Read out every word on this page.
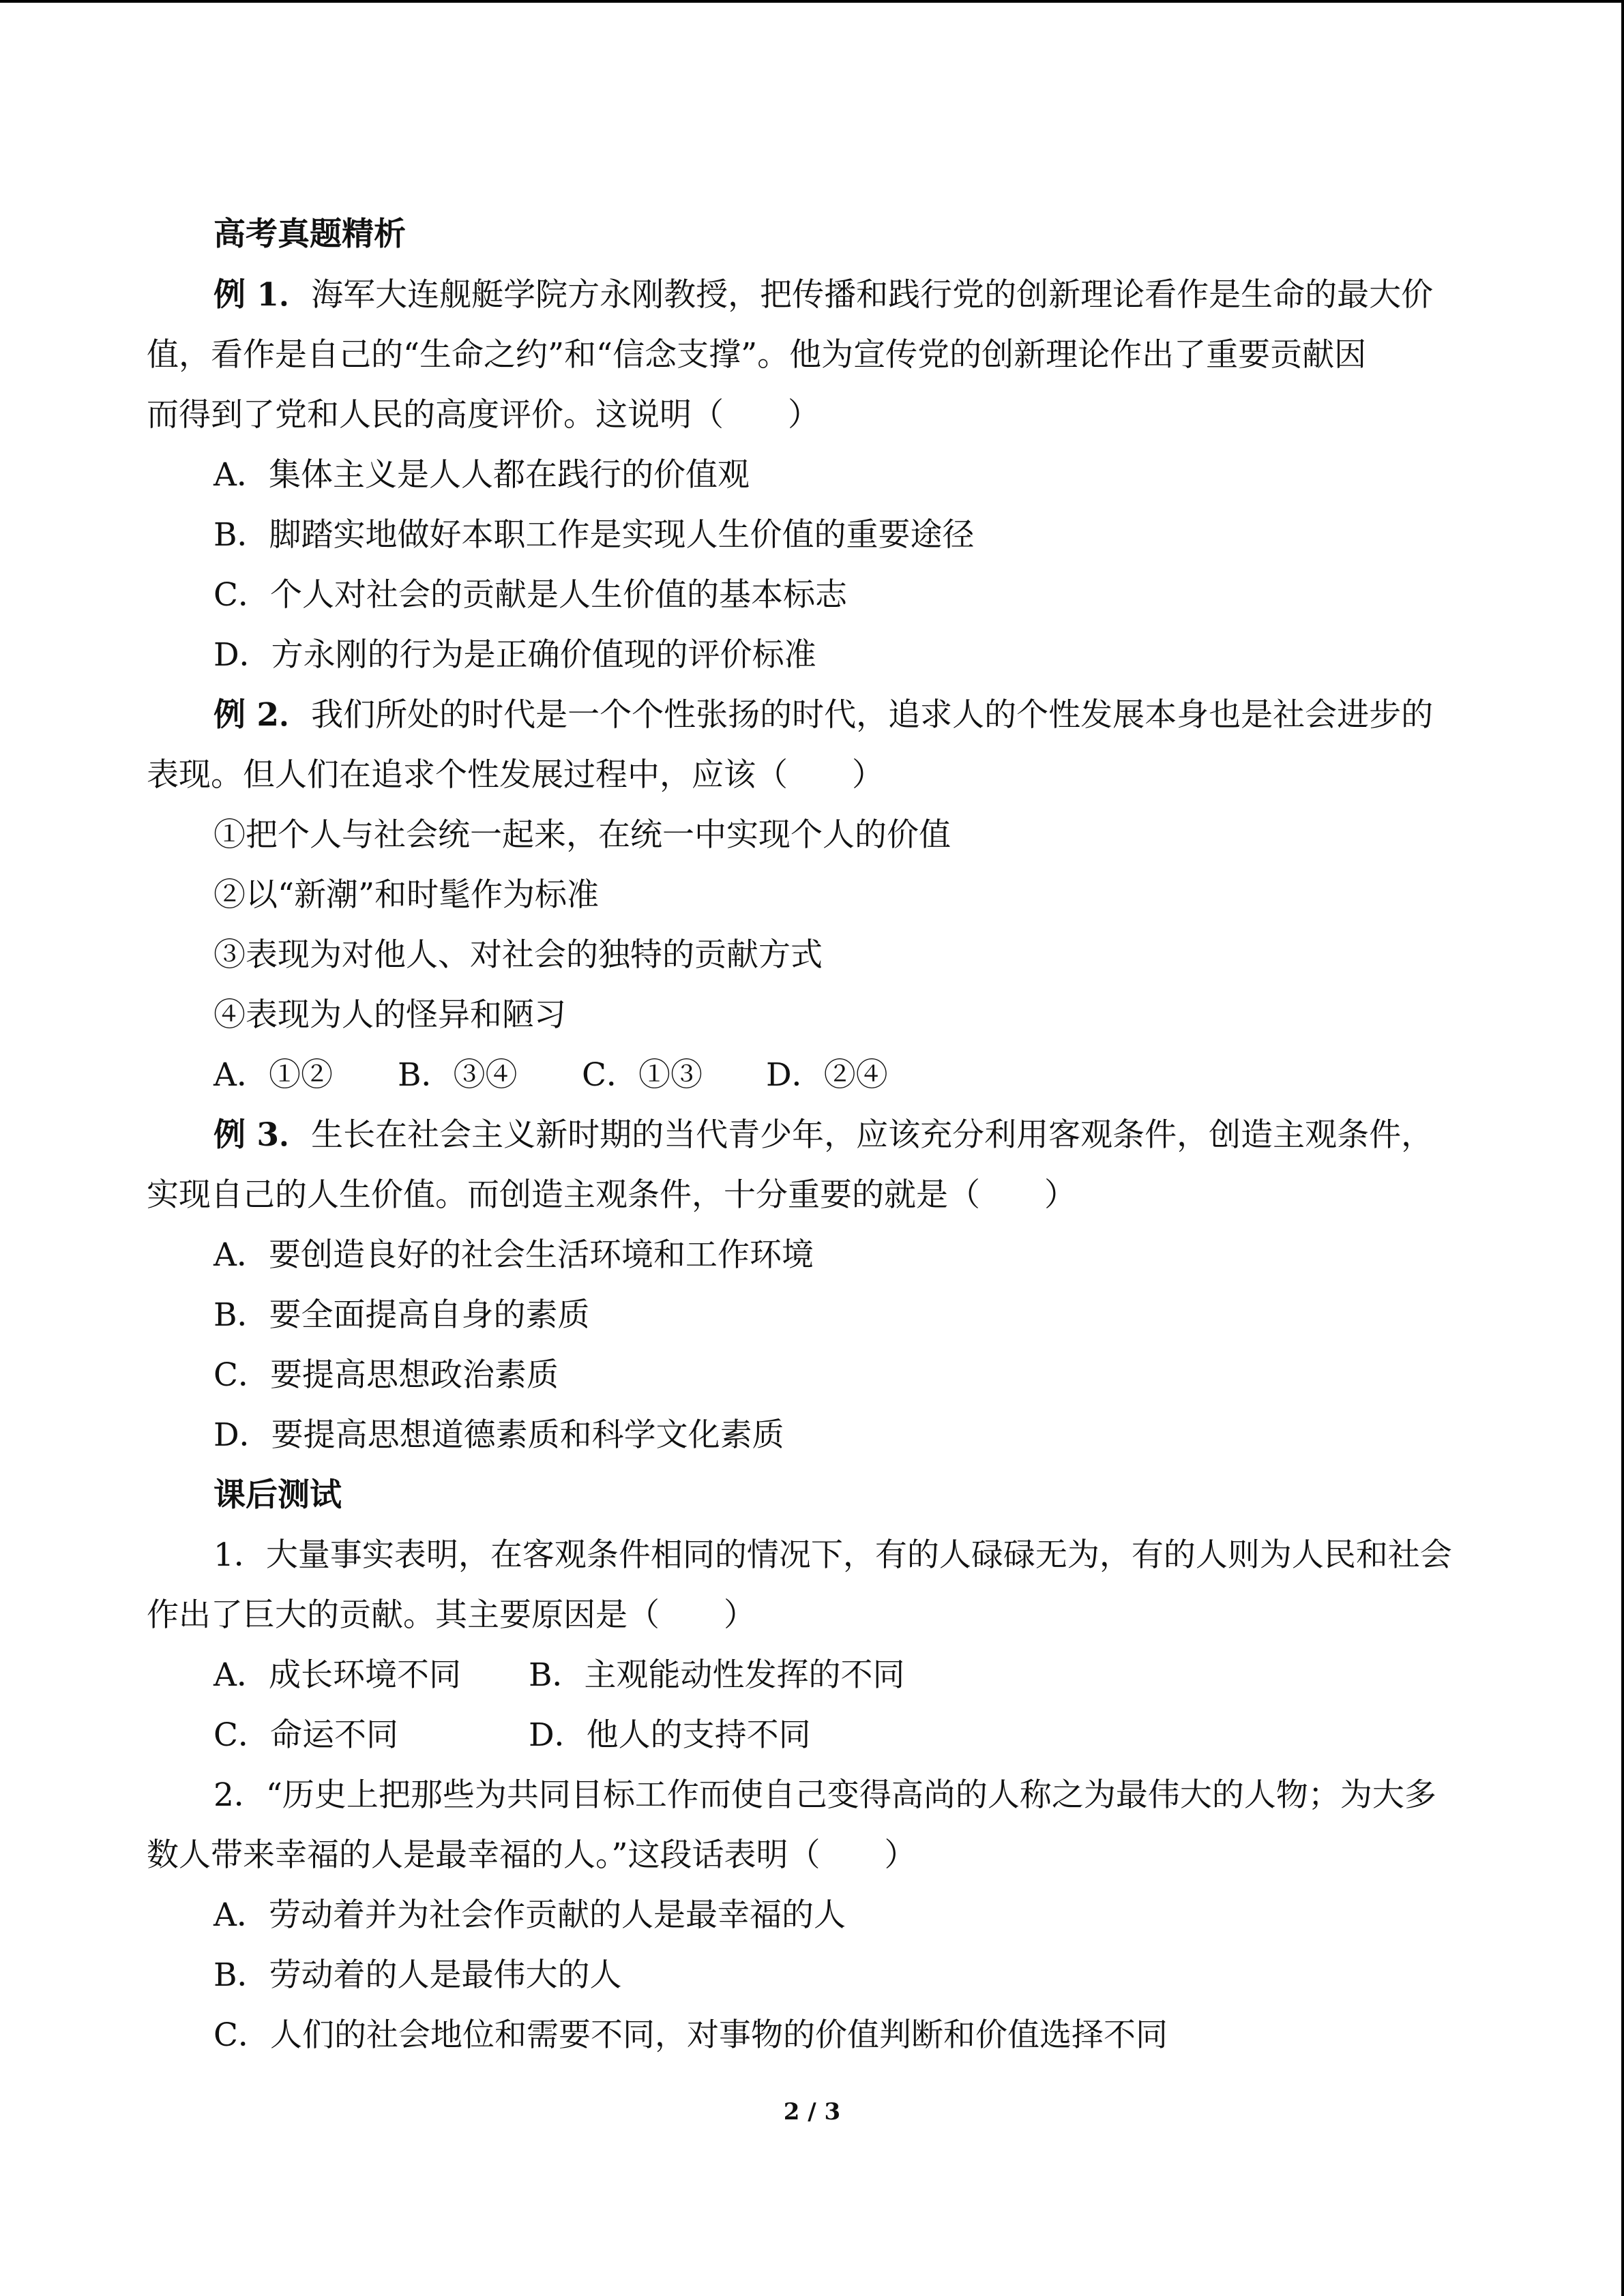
高考真题精析
例 1．海军大连舰艇学院方永刚教授，把传播和践行党的创新理论看作是生命的最大价
值，看作是自己的“生命之约”和“信念支撑”。他为宣传党的创新理论作出了重要贡献因
而得到了党和人民的高度评价。这说明（　　）
A．集体主义是人人都在践行的价值观
B．脚踏实地做好本职工作是实现人生价值的重要途径
C．个人对社会的贡献是人生价值的基本标志
D．方永刚的行为是正确价值现的评价标准
例 2．我们所处的时代是一个个性张扬的时代，追求人的个性发展本身也是社会进步的
表现。但人们在追求个性发展过程中，应该（　　）
①把个人与社会统一起来，在统一中实现个人的价值
②以“新潮”和时髦作为标准
③表现为对他人、对社会的独特的贡献方式
④表现为人的怪异和陋习
A．①② B．③④ C．①③ D．②④
例 3．生长在社会主义新时期的当代青少年，应该充分利用客观条件，创造主观条件，
实现自己的人生价值。而创造主观条件，十分重要的就是（　　）
A．要创造良好的社会生活环境和工作环境
B．要全面提高自身的素质
C．要提高思想政治素质
D．要提高思想道德素质和科学文化素质
课后测试
1．大量事实表明，在客观条件相同的情况下，有的人碌碌无为，有的人则为人民和社会
作出了巨大的贡献。其主要原因是（　　）
A．成长环境不同 B．主观能动性发挥的不同
C．命运不同	D．他人的支持不同
2．“历史上把那些为共同目标工作而使自己变得高尚的人称之为最伟大的人物；为大多
数人带来幸福的人是最幸福的人。”这段话表明（　　）
A．劳动着并为社会作贡献的人是最幸福的人
B．劳动着的人是最伟大的人
C．人们的社会地位和需要不同，对事物的价值判断和价值选择不同
2 / 3
